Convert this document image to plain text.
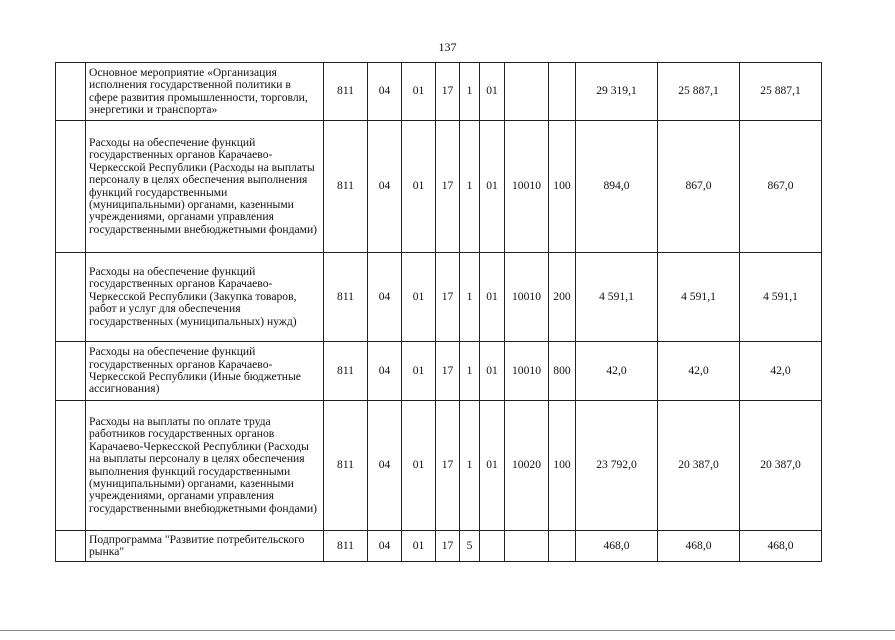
137
	Основное мероприятие «Организация исполнения государственной политики в сфере развития промышленности, торговли, энергетики и транспорта»	811	04	01	17	1	01			29 319,1	25 887,1	25 887,1
	Расходы на обеспечение функций государственных органов Карачаево-Черкесской Республики (Расходы на выплаты персоналу в целях обеспечения выполнения функций государственными (муниципальными) органами, казенными учреждениями, органами управления государственными внебюджетными фондами)	811	04	01	17	1	01	10010	100	894,0	867,0	867,0
	Расходы на обеспечение функций государственных органов Карачаево-Черкесской Республики (Закупка товаров, работ и услуг для обеспечения государственных (муниципальных) нужд)	811	04	01	17	1	01	10010	200	4 591,1	4 591,1	4 591,1
	Расходы на обеспечение функций государственных органов Карачаево-Черкесской Республики (Иные бюджетные ассигнования)	811	04	01	17	1	01	10010	800	42,0	42,0	42,0
	Расходы на выплаты по оплате труда работников государственных органов Карачаево-Черкесской Республики (Расходы на выплаты персоналу в целях обеспечения выполнения функций государственными (муниципальными) органами, казенными учреждениями, органами управления государственными внебюджетными фондами)	811	04	01	17	1	01	10020	100	23 792,0	20 387,0	20 387,0
	Подпрограмма "Развитие потребительского рынка"	811	04	01	17	5				468,0	468,0	468,0
